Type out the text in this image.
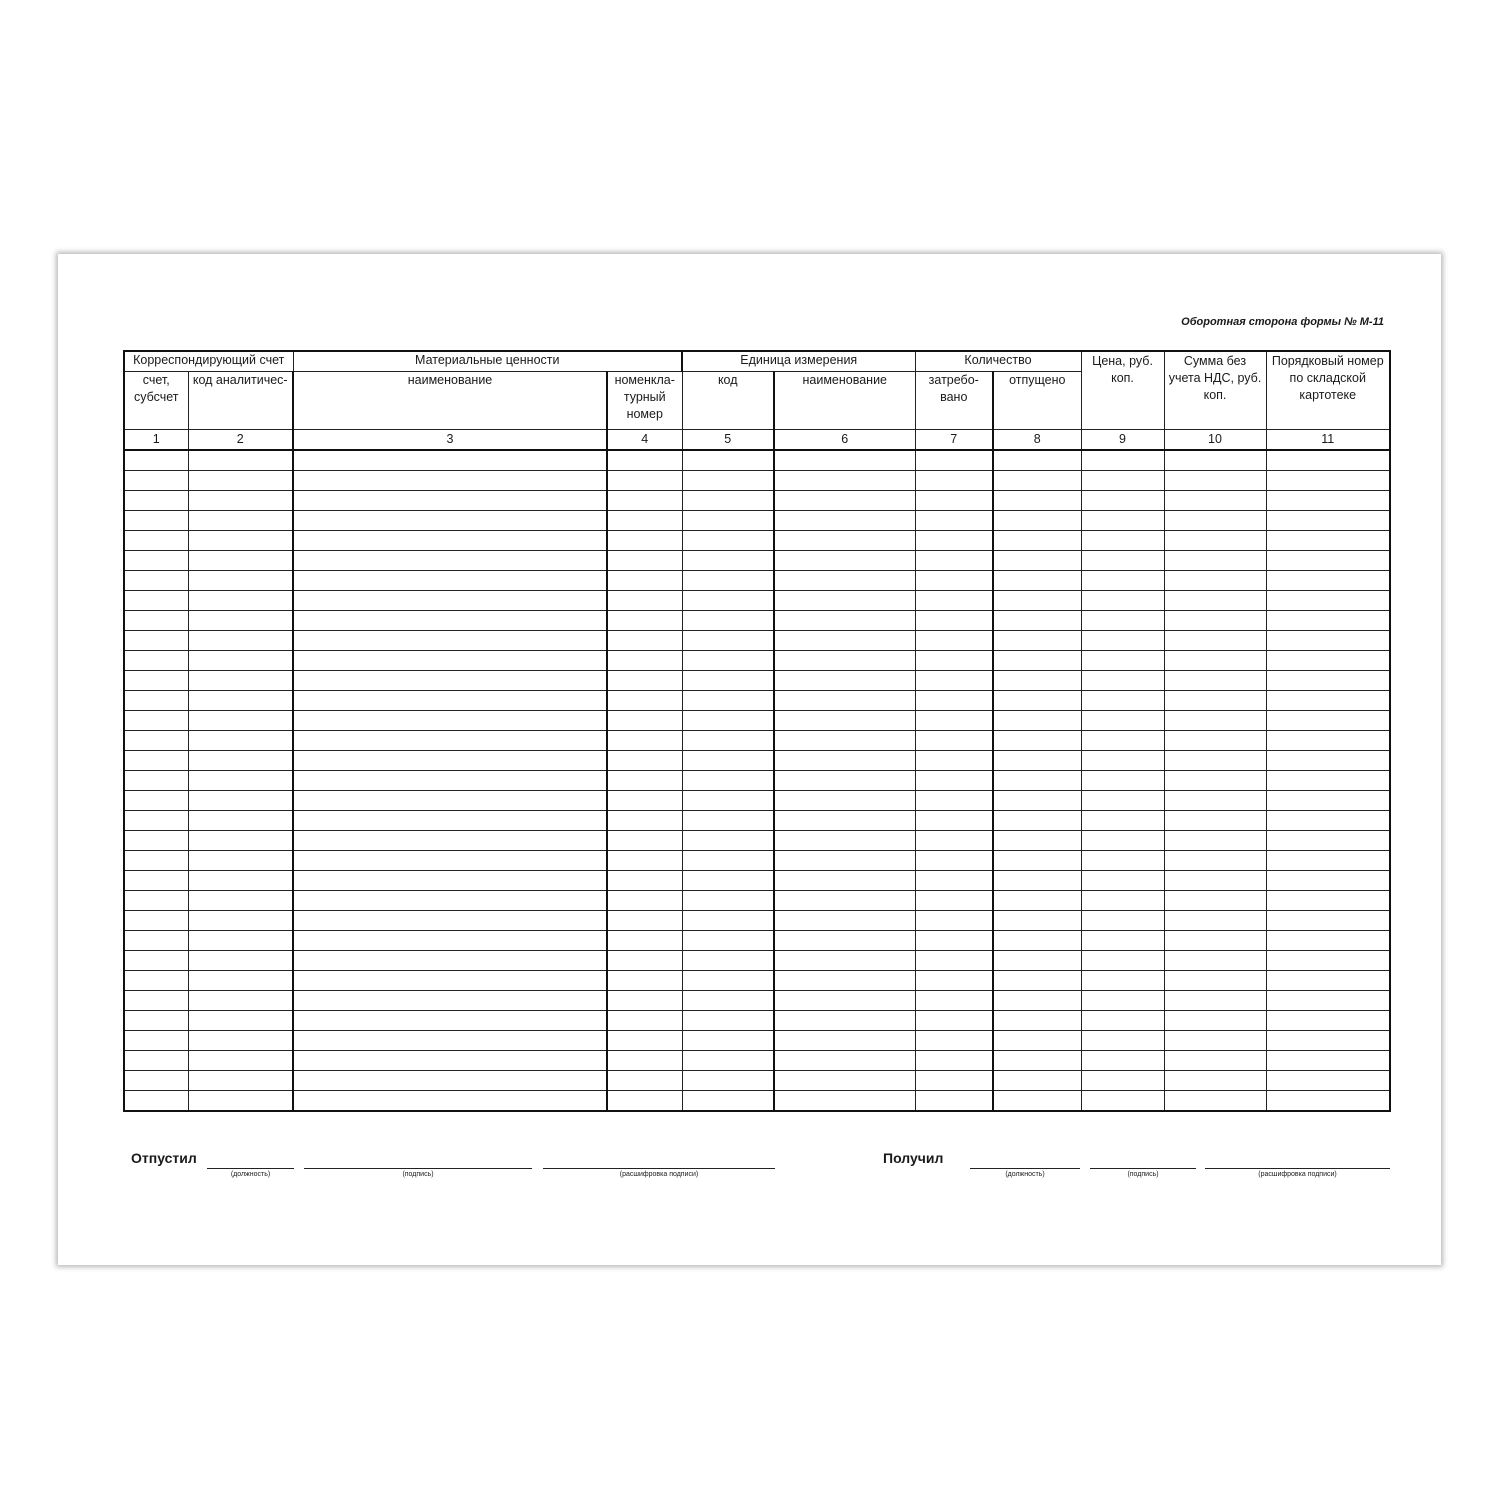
Оборотная сторона формы № М-11

Корреспондирующий счет		Материальные ценности		Единица измерения		Количество		Цена, руб. коп.	Сумма без учета НДС, руб. коп.	Порядковый номер по складской картотеке
счет, субсчет	код аналитичес-	наименование	номенкла-турный номер	код	наименование	затребо-вано	отпущено			
1	2	3	4	5	6	7	8	9	10	11

Отпустил
(должность)	(подпись)	(расшифровка подписи)
Получил
(должность)	(подпись)	(расшифровка подписи)
